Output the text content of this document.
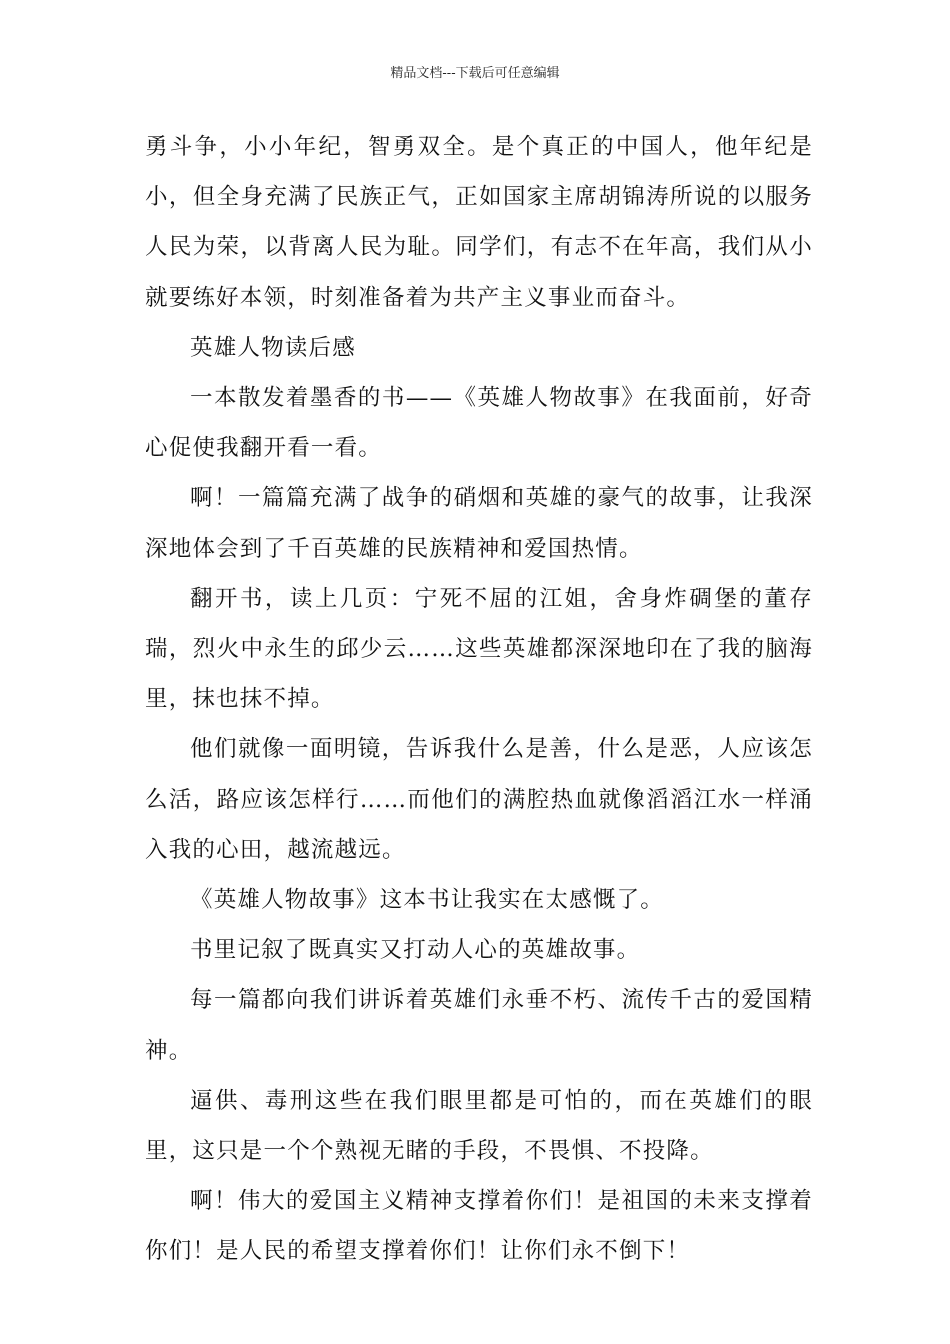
精品文档---下载后可任意编辑

勇斗争，小小年纪，智勇双全。是个真正的中国人，他年纪是小，但全身充满了民族正气，正如国家主席胡锦涛所说的以服务人民为荣，以背离人民为耻。同学们，有志不在年高，我们从小就要练好本领，时刻准备着为共产主义事业而奋斗。

英雄人物读后感

一本散发着墨香的书——《英雄人物故事》在我面前，好奇心促使我翻开看一看。

啊！一篇篇充满了战争的硝烟和英雄的豪气的故事，让我深深地体会到了千百英雄的民族精神和爱国热情。

翻开书，读上几页：宁死不屈的江姐，舍身炸碉堡的董存瑞，烈火中永生的邱少云……这些英雄都深深地印在了我的脑海里，抹也抹不掉。

他们就像一面明镜，告诉我什么是善，什么是恶，人应该怎么活，路应该怎样行……而他们的满腔热血就像滔滔江水一样涌入我的心田，越流越远。

《英雄人物故事》这本书让我实在太感慨了。

书里记叙了既真实又打动人心的英雄故事。

每一篇都向我们讲诉着英雄们永垂不朽、流传千古的爱国精神。

逼供、毒刑这些在我们眼里都是可怕的，而在英雄们的眼里，这只是一个个熟视无睹的手段，不畏惧、不投降。

啊！伟大的爱国主义精神支撑着你们！是祖国的未来支撑着你们！是人民的希望支撑着你们！让你们永不倒下！
